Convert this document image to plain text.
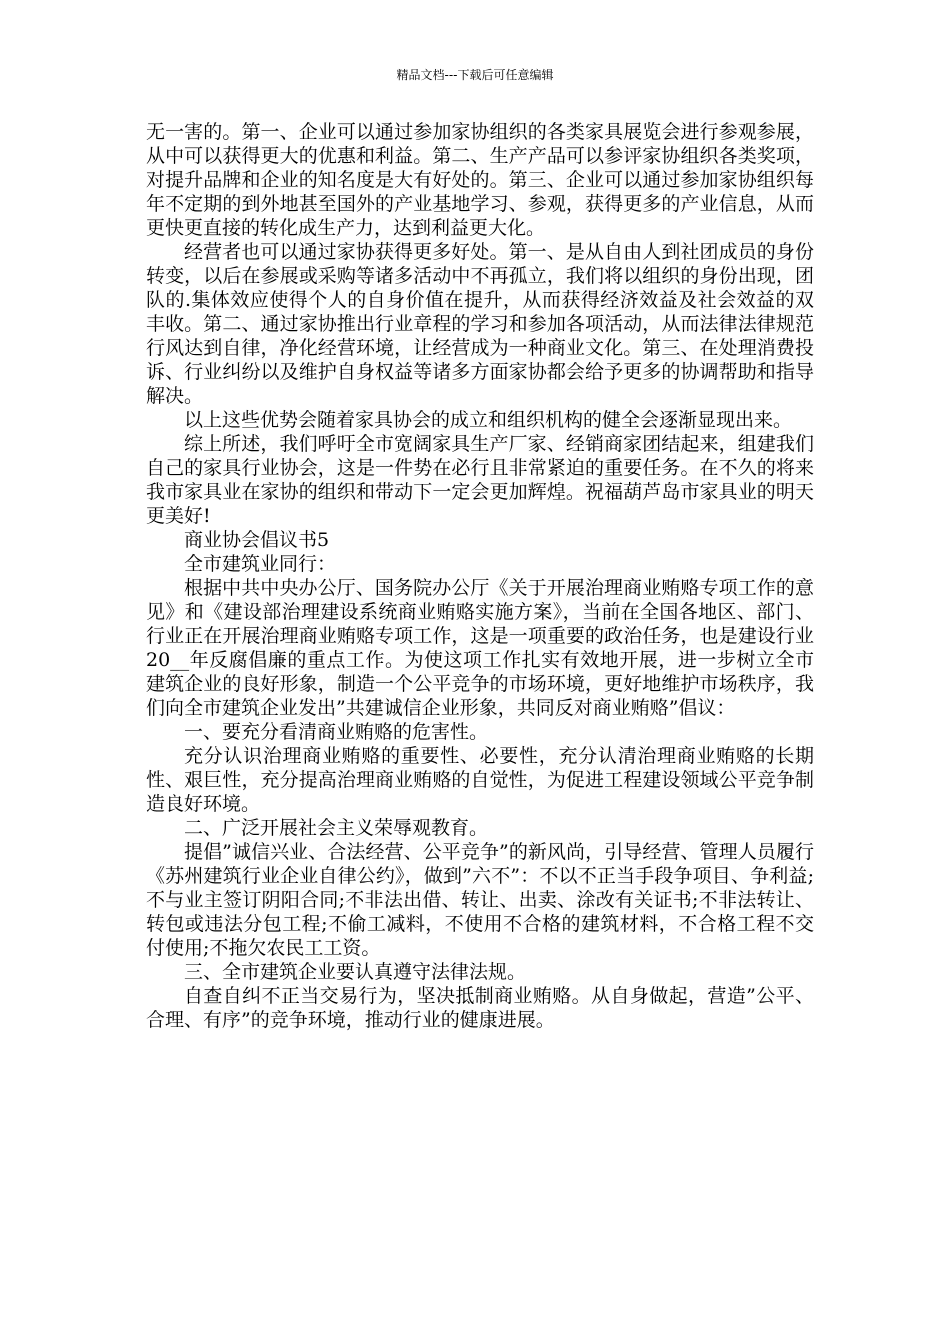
精品文档---下载后可任意编辑

无一害的。第一、企业可以通过参加家协组织的各类家具展览会进行参观参展，从中可以获得更大的优惠和利益。第二、生产产品可以参评家协组织各类奖项，对提升品牌和企业的知名度是大有好处的。第三、企业可以通过参加家协组织每年不定期的到外地甚至国外的产业基地学习、参观，获得更多的产业信息，从而更快更直接的转化成生产力，达到利益更大化。

经营者也可以通过家协获得更多好处。第一、是从自由人到社团成员的身份转变，以后在参展或采购等诸多活动中不再孤立，我们将以组织的身份出现，团队的.集体效应使得个人的自身价值在提升，从而获得经济效益及社会效益的双丰收。第二、通过家协推出行业章程的学习和参加各项活动，从而法律法律规范行风达到自律，净化经营环境，让经营成为一种商业文化。第三、在处理消费投诉、行业纠纷以及维护自身权益等诸多方面家协都会给予更多的协调帮助和指导解决。

以上这些优势会随着家具协会的成立和组织机构的健全会逐渐显现出来。

综上所述，我们呼吁全市宽阔家具生产厂家、经销商家团结起来，组建我们自己的家具行业协会，这是一件势在必行且非常紧迫的重要任务。在不久的将来我市家具业在家协的组织和带动下一定会更加辉煌。祝福葫芦岛市家具业的明天更美好!

商业协会倡议书5

全市建筑业同行：

根据中共中央办公厅、国务院办公厅《关于开展治理商业贿赂专项工作的意见》和《建设部治理建设系统商业贿赂实施方案》，当前在全国各地区、部门、行业正在开展治理商业贿赂专项工作，这是一项重要的政治任务，也是建设行业20__年反腐倡廉的重点工作。为使这项工作扎实有效地开展，进一步树立全市建筑企业的良好形象，制造一个公平竞争的市场环境，更好地维护市场秩序，我们向全市建筑企业发出”共建诚信企业形象，共同反对商业贿赂”倡议：

一、要充分看清商业贿赂的危害性。

充分认识治理商业贿赂的重要性、必要性，充分认清治理商业贿赂的长期性、艰巨性，充分提高治理商业贿赂的自觉性，为促进工程建设领域公平竞争制造良好环境。

二、广泛开展社会主义荣辱观教育。

提倡”诚信兴业、合法经营、公平竞争”的新风尚，引导经营、管理人员履行《苏州建筑行业企业自律公约》，做到”六不”：不以不正当手段争项目、争利益;不与业主签订阴阳合同;不非法出借、转让、出卖、涂改有关证书;不非法转让、转包或违法分包工程;不偷工减料，不使用不合格的建筑材料，不合格工程不交付使用;不拖欠农民工工资。

三、全市建筑企业要认真遵守法律法规。

自查自纠不正当交易行为，坚决抵制商业贿赂。从自身做起，营造”公平、合理、有序”的竞争环境，推动行业的健康进展。
